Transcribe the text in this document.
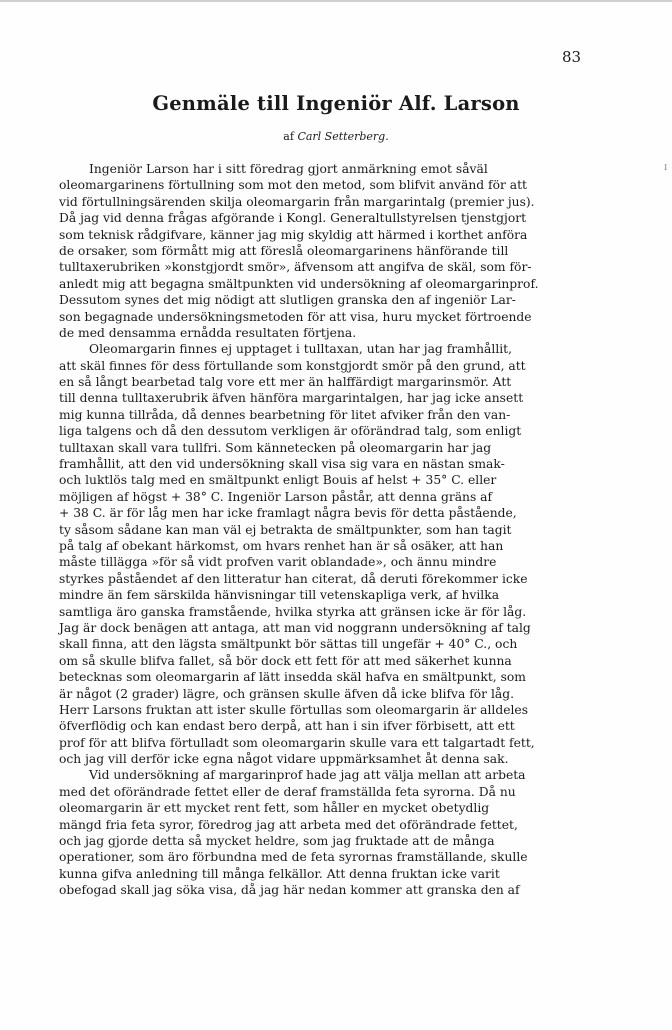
83
Genmäle till Ingeniör Alf. Larson
af Carl Setterberg.
ɪ
Ingeniör Larson har i sitt föredrag gjort anmärkning emot såväl
oleomargarinens förtullning som mot den metod, som blifvit använd för att
vid förtullningsärenden skilja oleomargarin från margarintalg (premier jus).
Då jag vid denna frågas afgörande i Kongl. Generaltullstyrelsen tjenstgjort
som teknisk rådgifvare, känner jag mig skyldig att härmed i korthet anföra
de orsaker, som förmått mig att föreslå oleomargarinens hänförande till
tulltaxerubriken »konstgjordt smör», äfvensom att angifva de skäl, som för-
anledt mig att begagna smältpunkten vid undersökning af oleomargarinprof.
Dessutom synes det mig nödigt att slutligen granska den af ingeniör Lar-
son begagnade undersökningsmetoden för att visa, huru mycket förtroende
de med densamma ernådda resultaten förtjena.
Oleomargarin finnes ej upptaget i tulltaxan, utan har jag framhållit,
att skäl finnes för dess förtullande som konstgjordt smör på den grund, att
en så långt bearbetad talg vore ett mer än halffärdigt margarinsmör. Att
till denna tulltaxerubrik äfven hänföra margarintalgen, har jag icke ansett
mig kunna tillråda, då dennes bearbetning för litet afviker från den van-
liga talgens och då den dessutom verkligen är oförändrad talg, som enligt
tulltaxan skall vara tullfri. Som kännetecken på oleomargarin har jag
framhållit, att den vid undersökning skall visa sig vara en nästan smak-
och luktlös talg med en smältpunkt enligt Bouis af helst + 35° C. eller
möjligen af högst + 38° C. Ingeniör Larson påstår, att denna gräns af
+ 38 C. är för låg men har icke framlagt några bevis för detta påstående,
ty såsom sådane kan man väl ej betrakta de smältpunkter, som han tagit
på talg af obekant härkomst, om hvars renhet han är så osäker, att han
måste tillägga »för så vidt profven varit oblandade», och ännu mindre
styrkes påståendet af den litteratur han citerat, då deruti förekommer icke
mindre än fem särskilda hänvisningar till vetenskapliga verk, af hvilka
samtliga äro ganska framstående, hvilka styrka att gränsen icke är för låg.
Jag är dock benägen att antaga, att man vid noggrann undersökning af talg
skall finna, att den lägsta smältpunkt bör sättas till ungefär + 40° C., och
om så skulle blifva fallet, så bör dock ett fett för att med säkerhet kunna
betecknas som oleomargarin af lätt insedda skäl hafva en smältpunkt, som
är något (2 grader) lägre, och gränsen skulle äfven då icke blifva för låg.
Herr Larsons fruktan att ister skulle förtullas som oleomargarin är alldeles
öfverflödig och kan endast bero derpå, att han i sin ifver förbisett, att ett
prof för att blifva förtulladt som oleomargarin skulle vara ett talgartadt fett,
och jag vill derför icke egna något vidare uppmärksamhet åt denna sak.
Vid undersökning af margarinprof hade jag att välja mellan att arbeta
med det oförändrade fettet eller de deraf framställda feta syrorna. Då nu
oleomargarin är ett mycket rent fett, som håller en mycket obetydlig
mängd fria feta syror, föredrog jag att arbeta med det oförändrade fettet,
och jag gjorde detta så mycket heldre, som jag fruktade att de många
operationer, som äro förbundna med de feta syrornas framställande, skulle
kunna gifva anledning till många felkällor. Att denna fruktan icke varit
obefogad skall jag söka visa, då jag här nedan kommer att granska den af
